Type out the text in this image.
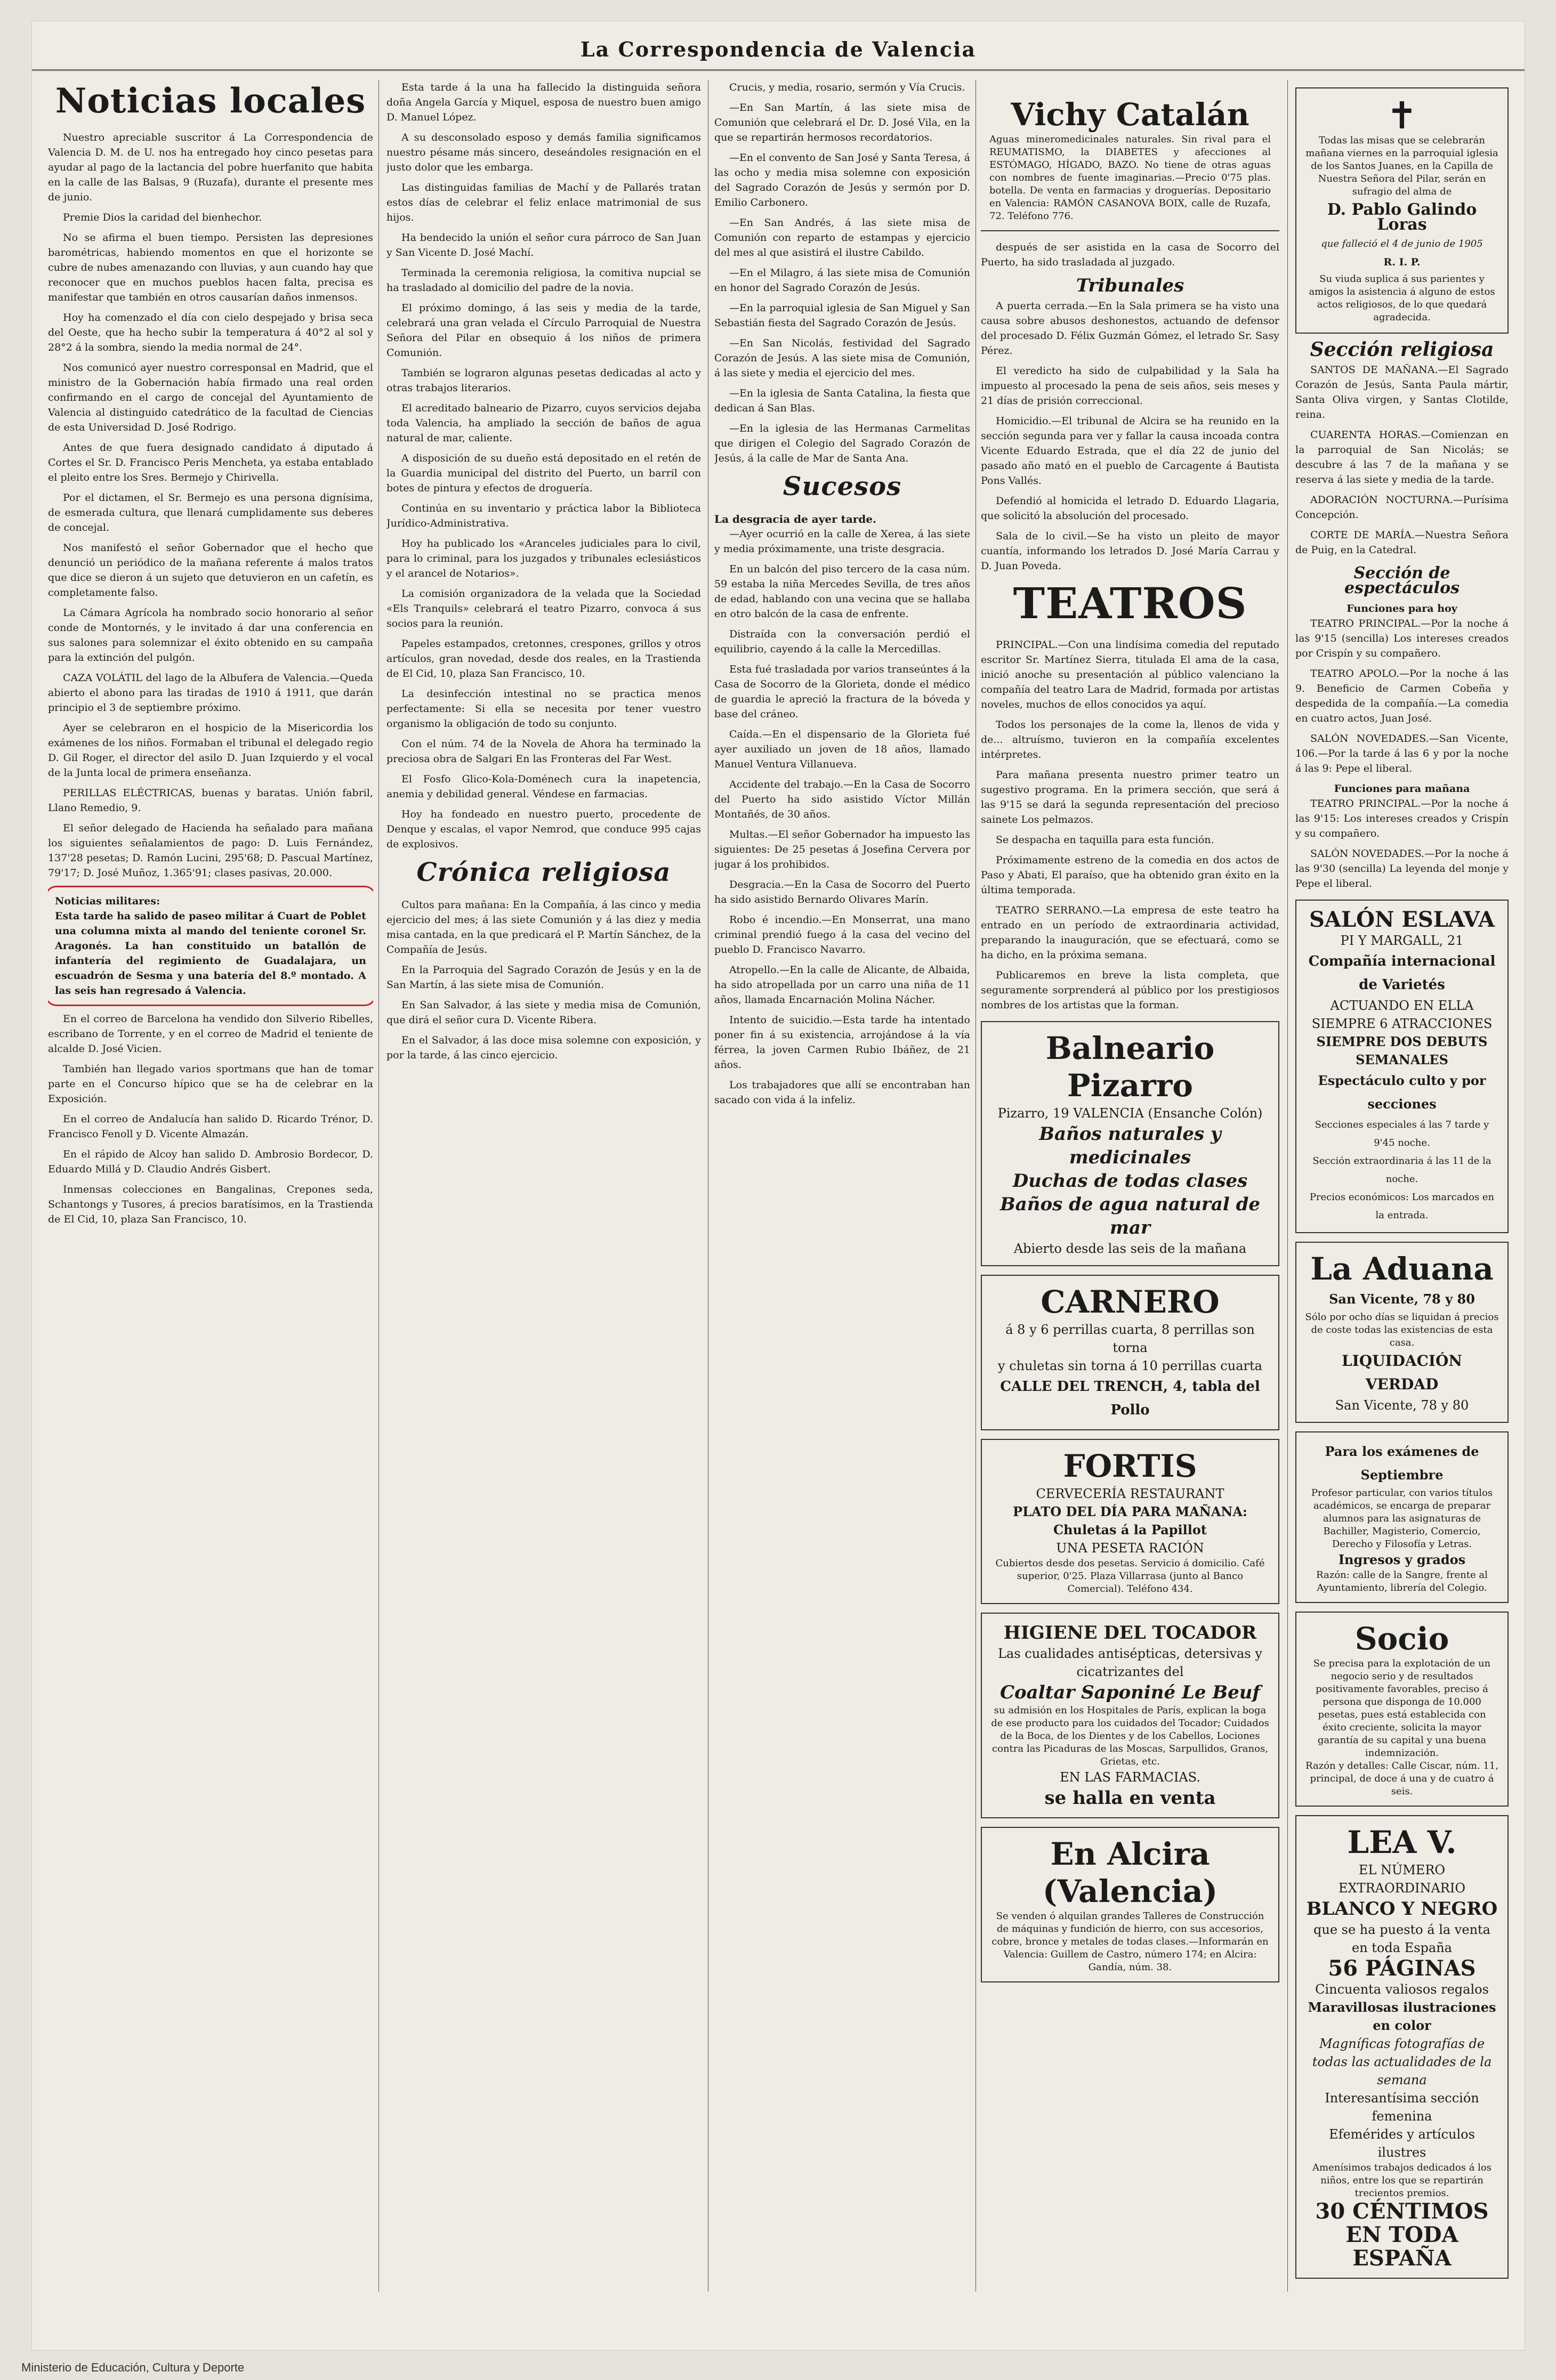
La Correspondencia de Valencia
Noticias locales

Nuestro apreciable suscritor á La Correspondencia de Valencia D. M. de U. nos ha entregado hoy cinco pesetas para ayudar al pago de la lactancia del pobre huerfanito que habita en la calle de las Balsas, 9 (Ruzafa), durante el presente mes de junio.

Premie Dios la caridad del bienhechor.

No se afirma el buen tiempo. Persisten las depresiones barométricas, habiendo momentos en que el horizonte se cubre de nubes amenazando con lluvias, y aun cuando hay que reconocer que en muchos pueblos hacen falta, precisa es manifestar que también en otros causarían daños inmensos.

Hoy ha comenzado el día con cielo despejado y brisa seca del Oeste, que ha hecho subir la temperatura á 40°2 al sol y 28°2 á la sombra, siendo la media normal de 24°.

Nos comunicó ayer nuestro corresponsal en Madrid, que el ministro de la Gobernación había firmado una real orden confirmando en el cargo de concejal del Ayuntamiento de Valencia al distinguido catedrático de la facultad de Ciencias de esta Universidad D. José Rodrigo.

Antes de que fuera designado candidato á diputado á Cortes el Sr. D. Francisco Peris Mencheta, ya estaba entablado el pleito entre los Sres. Bermejo y Chirivella.

Por el dictamen, el Sr. Bermejo es una persona dignísima, de esmerada cultura, que llenará cumplidamente sus deberes de concejal.

Nos manifestó el señor Gobernador que el hecho que denunció un periódico de la mañana referente á malos tratos que dice se dieron á un sujeto que detuvieron en un cafetín, es completamente falso.

La Cámara Agrícola ha nombrado socio honorario al señor conde de Montornés, y le invitado á dar una conferencia en sus salones para solemnizar el éxito obtenido en su campaña para la extinción del pulgón.

CAZA VOLÁTIL del lago de la Albufera de Valencia.—Queda abierto el abono para las tiradas de 1910 á 1911, que darán principio el 3 de septiembre próximo.

Ayer se celebraron en el hospicio de la Misericordia los exámenes de los niños. Formaban el tribunal el delegado regio D. Gil Roger, el director del asilo D. Juan Izquierdo y el vocal de la Junta local de primera enseñanza.

PERILLAS ELÉCTRICAS, buenas y baratas. Unión fabril, Llano Remedio, 9.

El señor delegado de Hacienda ha señalado para mañana los siguientes señalamientos de pago: D. Luis Fernández, 137'28 pesetas; D. Ramón Lucini, 295'68; D. Pascual Martínez, 79'17; D. José Muñoz, 1.365'91; clases pasivas, 20.000.

Noticias militares:
Esta tarde ha salido de paseo militar á Cuart de Poblet una columna mixta al mando del teniente coronel Sr. Aragonés. La han constituido un batallón de infantería del regimiento de Guadalajara, un escuadrón de Sesma y una batería del 8.º montado. A las seis han regresado á Valencia.

En el correo de Barcelona ha vendido don Silverio Ribelles, escribano de Torrente, y en el correo de Madrid el teniente de alcalde D. José Vicien.

También han llegado varios sportmans que han de tomar parte en el Concurso hípico que se ha de celebrar en la Exposición.

En el correo de Andalucía han salido D. Ricardo Trénor, D. Francisco Fenoll y D. Vicente Almazán.

En el rápido de Alcoy han salido D. Ambrosio Bordecor, D. Eduardo Millá y D. Claudio Andrés Gisbert.

Inmensas colecciones en Bangalinas, Crepones seda, Schantongs y Tusores, á precios baratísimos, en la Trastienda de El Cid, 10, plaza San Francisco, 10.

Esta tarde á la una ha fallecido la distinguida señora doña Angela García y Miquel, esposa de nuestro buen amigo D. Manuel López.

A su desconsolado esposo y demás familia significamos nuestro pésame más sincero, deseándoles resignación en el justo dolor que les embarga.

Las distinguidas familias de Machí y de Pallarés tratan estos días de celebrar el feliz enlace matrimonial de sus hijos.

Ha bendecido la unión el señor cura párroco de San Juan y San Vicente D. José Machí.

Terminada la ceremonia religiosa, la comitiva nupcial se ha trasladado al domicilio del padre de la novia.

El próximo domingo, á las seis y media de la tarde, celebrará una gran velada el Círculo Parroquial de Nuestra Señora del Pilar en obsequio á los niños de primera Comunión.

También se lograron algunas pesetas dedicadas al acto y otras trabajos literarios.

El acreditado balneario de Pizarro, cuyos servicios dejaba toda Valencia, ha ampliado la sección de baños de agua natural de mar, caliente.

A disposición de su dueño está depositado en el retén de la Guardia municipal del distrito del Puerto, un barril con botes de pintura y efectos de droguería.

Continúa en su inventario y práctica labor la Biblioteca Jurídico-Administrativa.

Hoy ha publicado los «Aranceles judiciales para lo civil, para lo criminal, para los juzgados y tribunales eclesiásticos y el arancel de Notarios».

La comisión organizadora de la velada que la Sociedad «Els Tranquils» celebrará el teatro Pizarro, convoca á sus socios para la reunión.

Papeles estampados, cretonnes, crespones, grillos y otros artículos, gran novedad, desde dos reales, en la Trastienda de El Cid, 10, plaza San Francisco, 10.

La desinfección intestinal no se practica menos perfectamente: Si ella se necesita por tener vuestro organismo la obligación de todo su conjunto.

Con el núm. 74 de la Novela de Ahora ha terminado la preciosa obra de Salgari En las Fronteras del Far West.

El Fosfo Glico-Kola-Doménech cura la inapetencia, anemia y debilidad general. Véndese en farmacias.

Hoy ha fondeado en nuestro puerto, procedente de Denque y escalas, el vapor Nemrod, que conduce 995 cajas de explosivos.

Crónica religiosa

Cultos para mañana: En la Compañía, á las cinco y media ejercicio del mes; á las siete Comunión y á las diez y media misa cantada, en la que predicará el P. Martín Sánchez, de la Compañía de Jesús.

En la Parroquia del Sagrado Corazón de Jesús y en la de San Martín, á las siete misa de Comunión.

En San Salvador, á las siete y media misa de Comunión, que dirá el señor cura D. Vicente Ribera.

En el Salvador, á las doce misa solemne con exposición, y por la tarde, á las cinco ejercicio.

Crucis, y media, rosario, sermón y Vía Crucis.

—En San Martín, á las siete misa de Comunión que celebrará el Dr. D. José Vila, en la que se repartirán hermosos recordatorios.

—En el convento de San José y Santa Teresa, á las ocho y media misa solemne con exposición del Sagrado Corazón de Jesús y sermón por D. Emilio Carbonero.

—En San Andrés, á las siete misa de Comunión con reparto de estampas y ejercicio del mes al que asistirá el ilustre Cabildo.

—En el Milagro, á las siete misa de Comunión en honor del Sagrado Corazón de Jesús.

—En la parroquial iglesia de San Miguel y San Sebastián fiesta del Sagrado Corazón de Jesús.

—En San Nicolás, festividad del Sagrado Corazón de Jesús. A las siete misa de Comunión, á las siete y media el ejercicio del mes.

—En la iglesia de Santa Catalina, la fiesta que dedican á San Blas.

—En la iglesia de las Hermanas Carmelitas que dirigen el Colegio del Sagrado Corazón de Jesús, á la calle de Mar de Santa Ana.

Sucesos
La desgracia de ayer tarde.

—Ayer ocurrió en la calle de Xerea, á las siete y media próximamente, una triste desgracia.

En un balcón del piso tercero de la casa núm. 59 estaba la niña Mercedes Sevilla, de tres años de edad, hablando con una vecina que se hallaba en otro balcón de la casa de enfrente.

Distraída con la conversación perdió el equilibrio, cayendo á la calle la Mercedillas.

Esta fué trasladada por varios transeúntes á la Casa de Socorro de la Glorieta, donde el médico de guardia le apreció la fractura de la bóveda y base del cráneo.

Caída.—En el dispensario de la Glorieta fué ayer auxiliado un joven de 18 años, llamado Manuel Ventura Villanueva.

Accidente del trabajo.—En la Casa de Socorro del Puerto ha sido asistido Víctor Millán Montañés, de 30 años.

Multas.—El señor Gobernador ha impuesto las siguientes: De 25 pesetas á Josefina Cervera por jugar á los prohibidos.

Desgracia.—En la Casa de Socorro del Puerto ha sido asistido Bernardo Olivares Marín.

Robo é incendio.—En Monserrat, una mano criminal prendió fuego á la casa del vecino del pueblo D. Francisco Navarro.

Atropello.—En la calle de Alicante, de Albaida, ha sido atropellada por un carro una niña de 11 años, llamada Encarnación Molina Nácher.

Intento de suicidio.—Esta tarde ha intentado poner fin á su existencia, arrojándose á la vía férrea, la joven Carmen Rubio Ibáñez, de 21 años.

Los trabajadores que allí se encontraban han sacado con vida á la infeliz.

Vichy Catalán
Aguas mineromedicinales naturales. Sin rival para el REUMATISMO, la DIABETES y afecciones al ESTÓMAGO, HÍGADO, BAZO. No tiene de otras aguas con nombres de fuente imaginarias.—Precio 0'75 plas. botella. De venta en farmacias y droguerías. Depositario en Valencia: RAMÓN CASANOVA BOIX, calle de Ruzafa, 72. Teléfono 776.

después de ser asistida en la casa de Socorro del Puerto, ha sido trasladada al juzgado.

Tribunales

A puerta cerrada.—En la Sala primera se ha visto una causa sobre abusos deshonestos, actuando de defensor del procesado D. Félix Guzmán Gómez, el letrado Sr. Sasy Pérez.

El veredicto ha sido de culpabilidad y la Sala ha impuesto al procesado la pena de seis años, seis meses y 21 días de prisión correccional.

Homicidio.—El tribunal de Alcira se ha reunido en la sección segunda para ver y fallar la causa incoada contra Vicente Eduardo Estrada, que el día 22 de junio del pasado año mató en el pueblo de Carcagente á Bautista Pons Vallés.

Defendió al homicida el letrado D. Eduardo Llagaria, que solicitó la absolución del procesado.

Sala de lo civil.—Se ha visto un pleito de mayor cuantía, informando los letrados D. José María Carrau y D. Juan Poveda.

TEATROS

PRINCIPAL.—Con una lindísima comedia del reputado escritor Sr. Martínez Sierra, titulada El ama de la casa, inició anoche su presentación al público valenciano la compañía del teatro Lara de Madrid, formada por artistas noveles, muchos de ellos conocidos ya aquí.

Todos los personajes de la come la, llenos de vida y de... altruísmo, tuvieron en la compañía excelentes intérpretes.

Para mañana presenta nuestro primer teatro un sugestivo programa. En la primera sección, que será á las 9'15 se dará la segunda representación del precioso sainete Los pelmazos.

Se despacha en taquilla para esta función.

Próximamente estreno de la comedia en dos actos de Paso y Abati, El paraíso, que ha obtenido gran éxito en la última temporada.

TEATRO SERRANO.—La empresa de este teatro ha entrado en un período de extraordinaria actividad, preparando la inauguración, que se efectuará, como se ha dicho, en la próxima semana.

Publicaremos en breve la lista completa, que seguramente sorprenderá al público por los prestigiosos nombres de los artistas que la forman.

Balneario Pizarro
Pizarro, 19 VALENCIA (Ensanche Colón)
Baños naturales y medicinales
Duchas de todas clases
Baños de agua natural de mar
Abierto desde las seis de la mañana
CARNERO
á 8 y 6 perrillas cuarta, 8 perrillas son torna
y chuletas sin torna á 10 perrillas cuarta
CALLE DEL TRENCH, 4, tabla del Pollo
FORTIS
CERVECERÍA RESTAURANT
PLATO DEL DÍA PARA MAÑANA: Chuletas á la Papillot
UNA PESETA RACIÓN
Cubiertos desde dos pesetas. Servicio á domicilio. Café superior, 0'25. Plaza Villarrasa (junto al Banco Comercial). Teléfono 434.
HIGIENE DEL TOCADOR
Las cualidades antisépticas, detersivas y cicatrizantes del
Coaltar Saponiné Le Beuf
su admisión en los Hospitales de París, explican la boga de ese producto para los cuidados del Tocador; Cuidados de la Boca, de los Dientes y de los Cabellos, Lociones contra las Picaduras de las Moscas, Sarpullidos, Granos, Grietas, etc.
EN LAS FARMACIAS.
se halla en venta
En Alcira (Valencia)
Se venden ó alquilan grandes Talleres de Construcción de máquinas y fundición de hierro, con sus accesorios, cobre, bronce y metales de todas clases.—Informarán en Valencia: Guillem de Castro, número 174; en Alcira: Gandía, núm. 38.
✝
Todas las misas que se celebrarán mañana viernes en la parroquial iglesia de los Santos Juanes, en la Capilla de Nuestra Señora del Pilar, serán en sufragio del alma de
D. Pablo Galindo Loras
que falleció el 4 de junio de 1905
R. I. P.
Su viuda suplica á sus parientes y amigos la asistencia á alguno de estos actos religiosos, de lo que quedará agradecida.
Sección religiosa

SANTOS DE MAÑANA.—El Sagrado Corazón de Jesús, Santa Paula mártir, Santa Oliva virgen, y Santas Clotilde, reina.

CUARENTA HORAS.—Comienzan en la parroquial de San Nicolás; se descubre á las 7 de la mañana y se reserva á las siete y media de la tarde.

ADORACIÓN NOCTURNA.—Purísima Concepción.

CORTE DE MARÍA.—Nuestra Señora de Puig, en la Catedral.

Sección de espectáculos
Funciones para hoy

TEATRO PRINCIPAL.—Por la noche á las 9'15 (sencilla) Los intereses creados por Crispín y su compañero.

TEATRO APOLO.—Por la noche á las 9. Beneficio de Carmen Cobeña y despedida de la compañía.—La comedia en cuatro actos, Juan José.

SALÓN NOVEDADES.—San Vicente, 106.—Por la tarde á las 6 y por la noche á las 9: Pepe el liberal.

Funciones para mañana

TEATRO PRINCIPAL.—Por la noche á las 9'15: Los intereses creados y Crispín y su compañero.

SALÓN NOVEDADES.—Por la noche á las 9'30 (sencilla) La leyenda del monje y Pepe el liberal.

SALÓN ESLAVA
PI Y MARGALL, 21
Compañía internacional de Varietés
ACTUANDO EN ELLA SIEMPRE 6 ATRACCIONES
SIEMPRE DOS DEBUTS SEMANALES
Espectáculo culto y por secciones
Secciones especiales á las 7 tarde y 9'45 noche.
Sección extraordinaria á las 11 de la noche.
Precios económicos: Los marcados en la entrada.
La Aduana
San Vicente, 78 y 80
Sólo por ocho días se liquidan á precios de coste todas las existencias de esta casa.
LIQUIDACIÓN VERDAD
San Vicente, 78 y 80
Para los exámenes de Septiembre
Profesor particular, con varios títulos académicos, se encarga de preparar alumnos para las asignaturas de Bachiller, Magisterio, Comercio, Derecho y Filosofía y Letras.
Ingresos y grados
Razón: calle de la Sangre, frente al Ayuntamiento, librería del Colegio.
Socio
Se precisa para la explotación de un negocio serio y de resultados positivamente favorables, preciso á persona que disponga de 10.000 pesetas, pues está establecida con éxito creciente, solicita la mayor garantía de su capital y una buena indemnización.
Razón y detalles: Calle Ciscar, núm. 11, principal, de doce á una y de cuatro á seis.
LEA V.
EL NÚMERO EXTRAORDINARIO
BLANCO Y NEGRO
que se ha puesto á la venta en toda España
56 PÁGINAS
Cincuenta valiosos regalos
Maravillosas ilustraciones en color
Magníficas fotografías de todas las actualidades de la semana
Interesantísima sección femenina
Efemérides y artículos ilustres
Amenísimos trabajos dedicados á los niños, entre los que se repartirán trecientos premios.
30 CÉNTIMOS EN TODA ESPAÑA
Ministerio de Educación, Cultura y Deporte
